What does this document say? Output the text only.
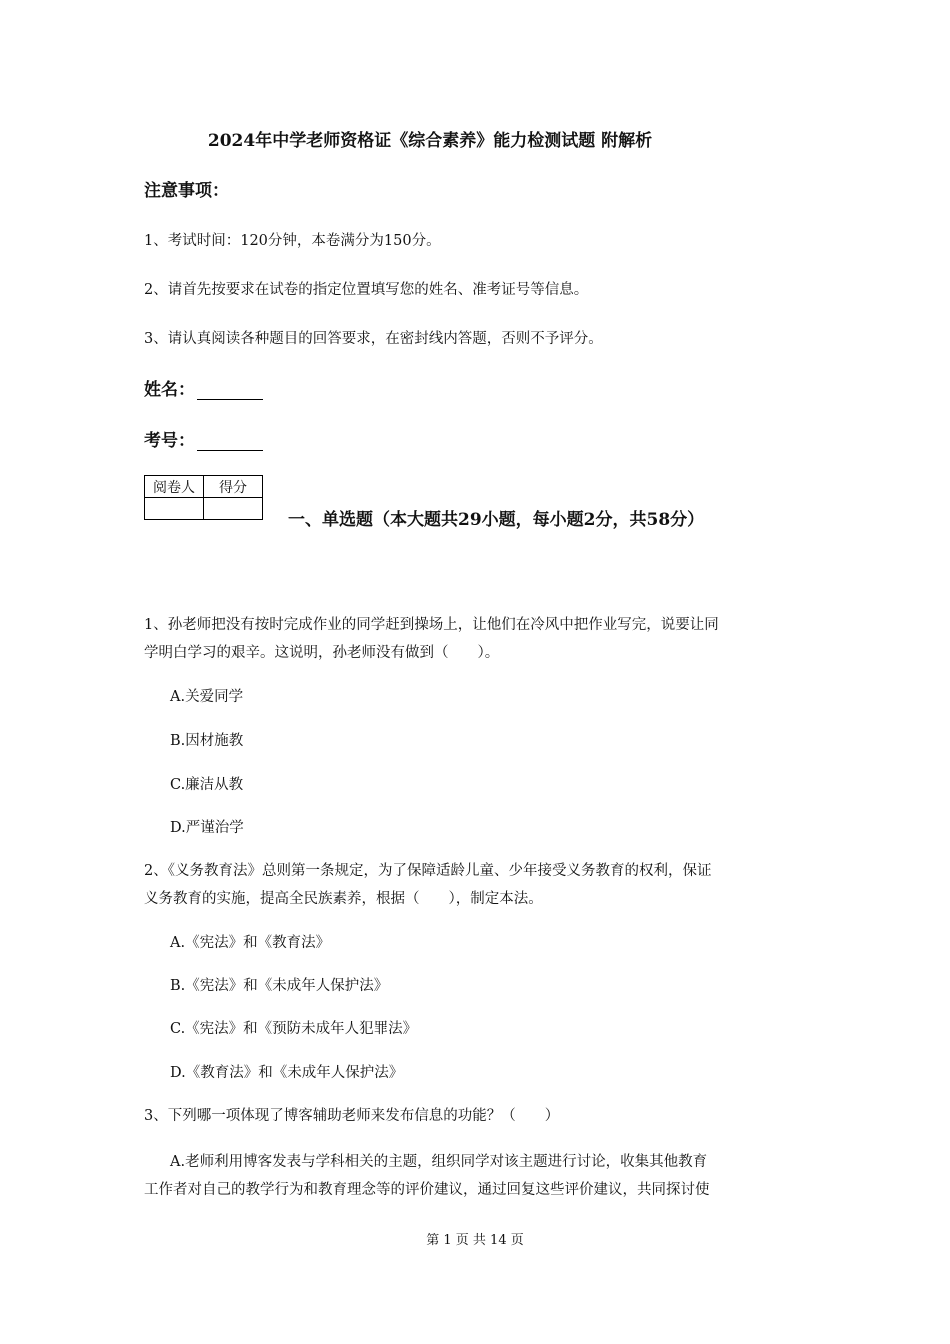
2024年中学老师资格证《综合素养》能力检测试题 附解析
注意事项：
1、考试时间：120分钟，本卷满分为150分。
2、请首先按要求在试卷的指定位置填写您的姓名、准考证号等信息。
3、请认真阅读各种题目的回答要求，在密封线内答题，否则不予评分。
姓名：
考号：
阅卷人	得分

一、单选题（本大题共29小题，每小题2分，共58分）
1、孙老师把没有按时完成作业的同学赶到操场上，让他们在冷风中把作业写完，说要让同
学明白学习的艰辛。这说明，孙老师没有做到（　　）。
A.关爱同学
B.因材施教
C.廉洁从教
D.严谨治学
2、《义务教育法》总则第一条规定，为了保障适龄儿童、少年接受义务教育的权利，保证
义务教育的实施，提高全民族素养，根据（　　），制定本法。
A.《宪法》和《教育法》
B.《宪法》和《未成年人保护法》
C.《宪法》和《预防未成年人犯罪法》
D.《教育法》和《未成年人保护法》
3、下列哪一项体现了博客辅助老师来发布信息的功能？（　　）
A.老师利用博客发表与学科相关的主题，组织同学对该主题进行讨论，收集其他教育
工作者对自己的教学行为和教育理念等的评价建议，通过回复这些评价建议，共同探讨使
第 1 页 共 14 页
